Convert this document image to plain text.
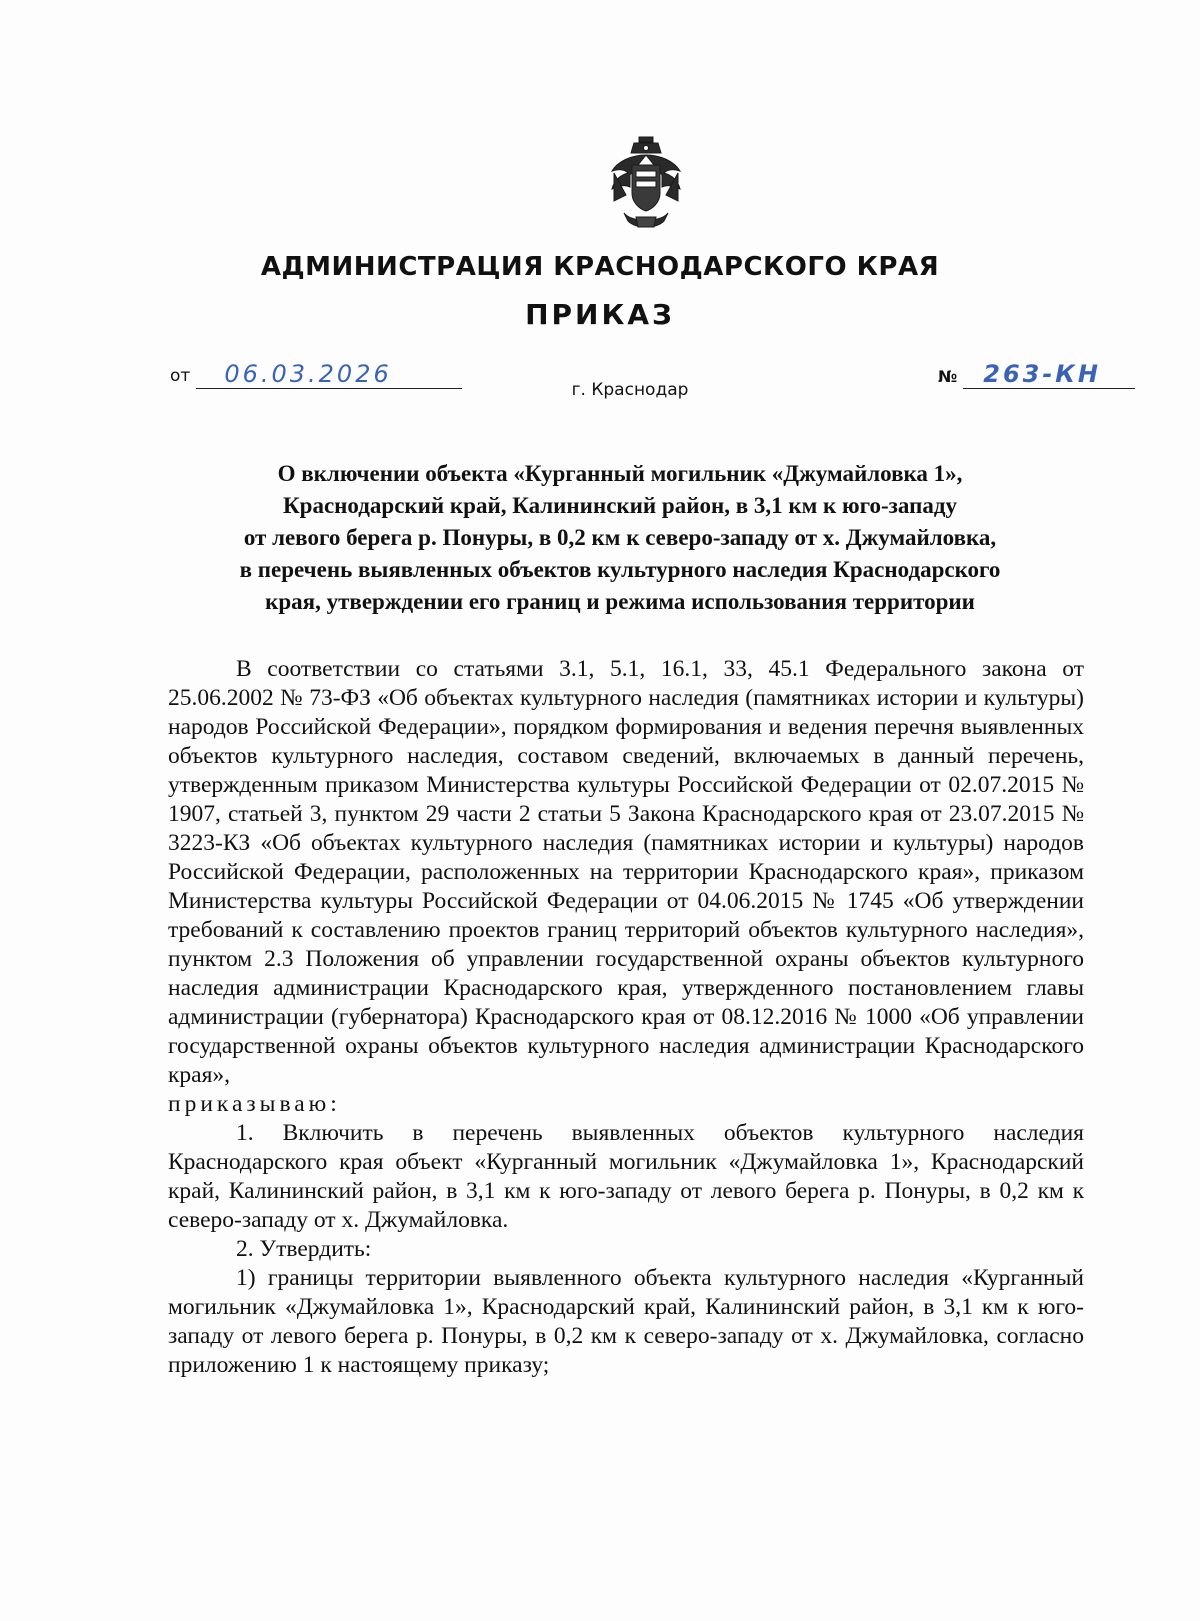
АДМИНИСТРАЦИЯ КРАСНОДАРСКОГО КРАЯ
ПРИКАЗ
от	06.03.2026	№	263-КН
г. Краснодар
О включении объекта «Курганный могильник «Джумайловка 1»,
Краснодарский край, Калининский район, в 3,1 км к юго-западу
от левого берега р. Понуры, в 0,2 км к северо-западу от х. Джумайловка,
в перечень выявленных объектов культурного наследия Краснодарского
края, утверждении его границ и режима использования территории

В соответствии со статьями 3.1, 5.1, 16.1, 33, 45.1 Федерального закона от 25.06.2002 № 73-ФЗ «Об объектах культурного наследия (памятниках истории и культуры) народов Российской Федерации», порядком формирования и ведения перечня выявленных объектов культурного наследия, составом сведений, включаемых в данный перечень, утвержденным приказом Министерства культуры Российской Федерации от 02.07.2015 № 1907, статьей 3, пунктом 29 части 2 статьи 5 Закона Краснодарского края от 23.07.2015 № 3223-КЗ «Об объектах культурного наследия (памятниках истории и культуры) народов Российской Федерации, расположенных на территории Краснодарского края», приказом Министерства культуры Российской Федерации от 04.06.2015 № 1745 «Об утверждении требований к составлению проектов границ территорий объектов культурного наследия», пунктом 2.3 Положения об управлении государственной охраны объектов культурного наследия администрации Краснодарского края, утвержденного постановлением главы администрации (губернатора) Краснодарского края от 08.12.2016 № 1000 «Об управлении государственной охраны объектов культурного наследия администрации Краснодарского края»,
приказываю:

1. Включить в перечень выявленных объектов культурного наследия Краснодарского края объект «Курганный могильник «Джумайловка 1», Краснодарский край, Калининский район, в 3,1 км к юго-западу от левого берега р. Понуры, в 0,2 км к северо-западу от х. Джумайловка.

2. Утвердить:

1) границы территории выявленного объекта культурного наследия «Курганный могильник «Джумайловка 1», Краснодарский край, Калининский район, в 3,1 км к юго-западу от левого берега р. Понуры, в 0,2 км к северо-западу от х. Джумайловка, согласно приложению 1 к настоящему приказу;
